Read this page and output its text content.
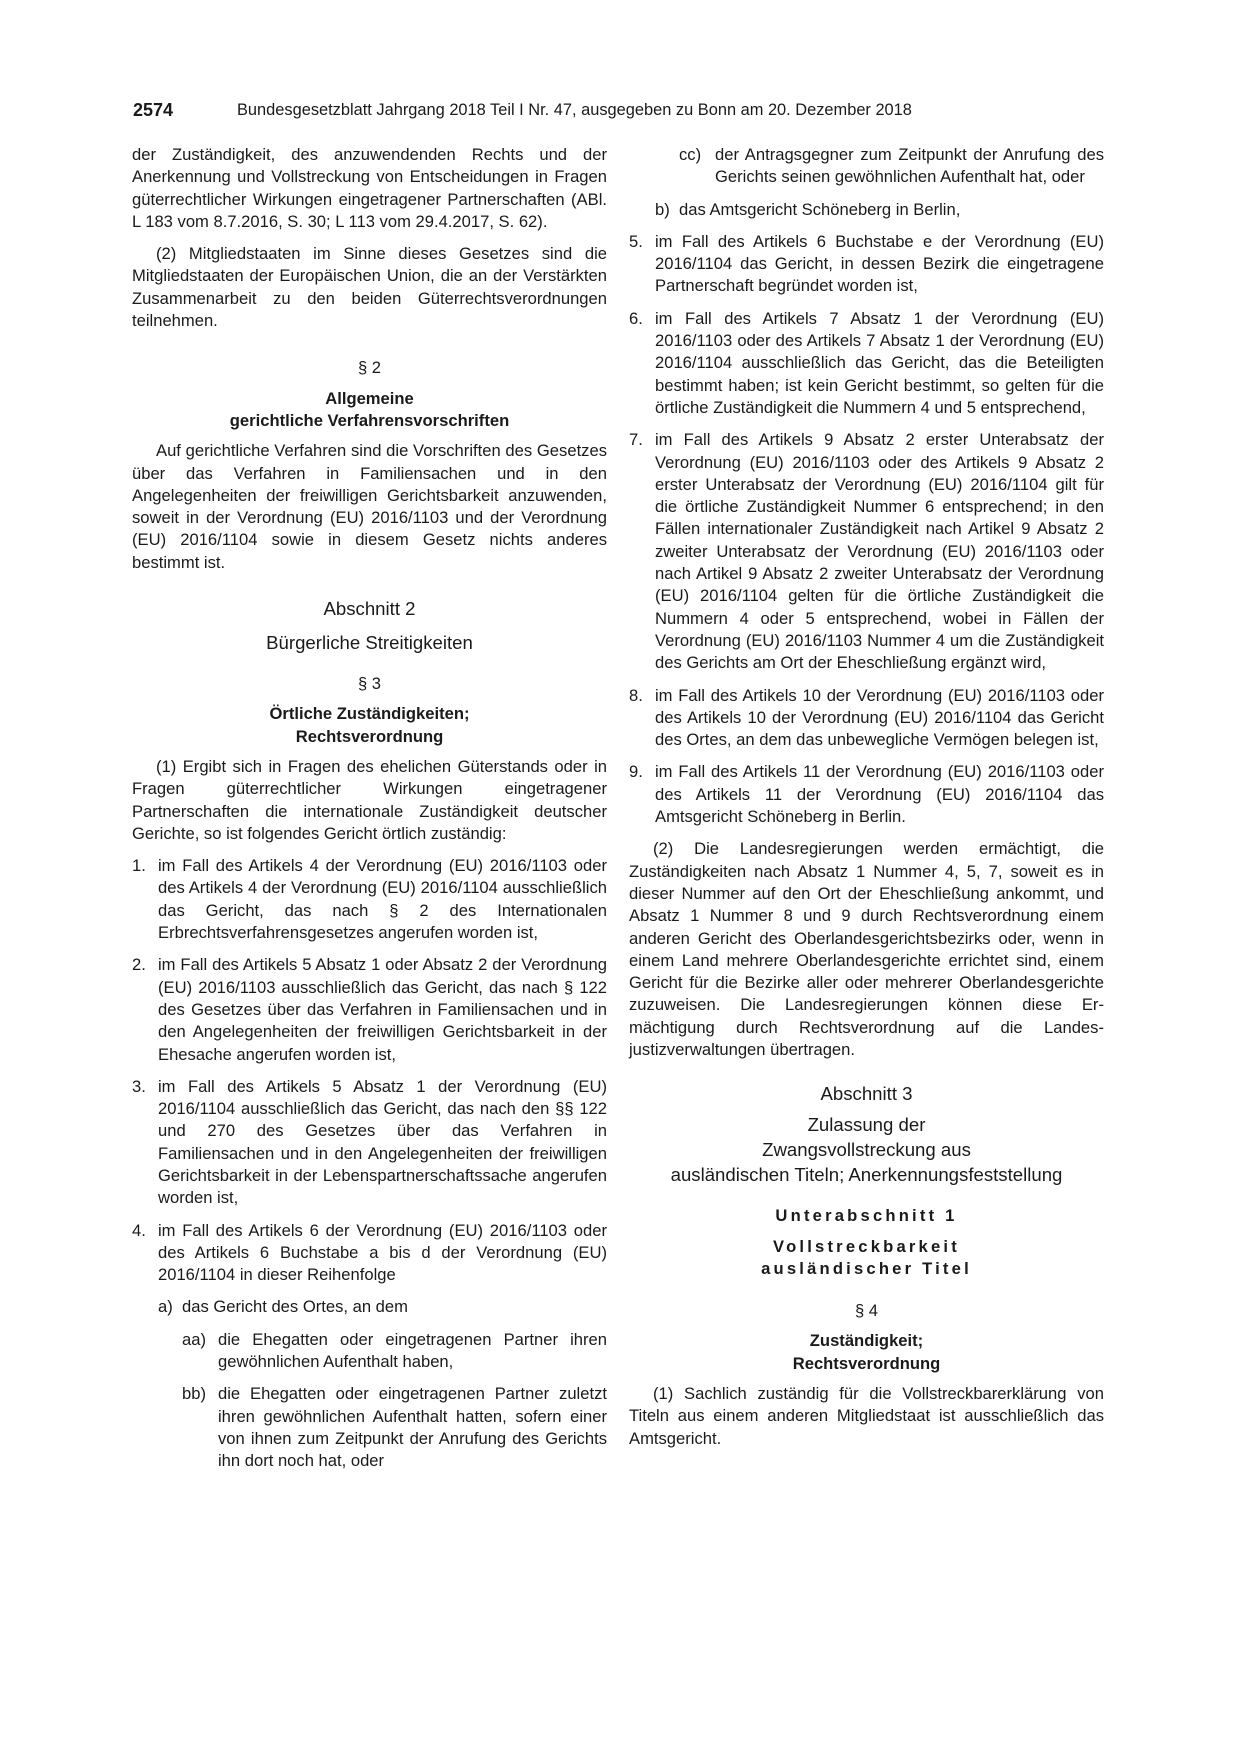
2574	Bundesgesetzblatt Jahrgang 2018 Teil I Nr. 47, ausgegeben zu Bonn am 20. Dezember 2018

der Zuständigkeit, des anzuwendenden Rechts und der Anerkennung und Vollstreckung von Entscheidungen in Fragen güterrechtlicher Wirkungen eingetragener Partnerschaften (ABl. L 183 vom 8.7.2016, S. 30; L 113 vom 29.4.2017, S. 62).

(2) Mitgliedstaaten im Sinne dieses Gesetzes sind die Mitgliedstaaten der Europäischen Union, die an der Verstärkten Zusammenarbeit zu den beiden Güterrechtsverordnungen teilnehmen.

§ 2
Allgemeine
gerichtliche Verfahrensvorschriften

Auf gerichtliche Verfahren sind die Vorschriften des Gesetzes über das Verfahren in Familiensachen und in den Angelegenheiten der freiwilligen Gerichtsbarkeit anzuwenden, soweit in der Verordnung (EU) 2016/1103 und der Verordnung (EU) 2016/1104 sowie in diesem Gesetz nichts anderes bestimmt ist.

Abschnitt 2
Bürgerliche Streitigkeiten
§ 3
Örtliche Zuständigkeiten;
Rechtsverordnung

(1) Ergibt sich in Fragen des ehelichen Güterstands oder in Fragen güterrechtlicher Wirkungen eingetragener Partnerschaften die internationale Zuständigkeit deutscher Gerichte, so ist folgendes Gericht örtlich zuständig:

1. im Fall des Artikels 4 der Verordnung (EU) 2016/1103 oder des Artikels 4 der Verordnung (EU) 2016/1104 ausschließlich das Gericht, das nach § 2 des Internationalen Erbrechtsverfahrensgesetzes angerufen worden ist,
2. im Fall des Artikels 5 Absatz 1 oder Absatz 2 der Verordnung (EU) 2016/1103 ausschließlich das Gericht, das nach § 122 des Gesetzes über das Verfahren in Familiensachen und in den Angelegenheiten der freiwilligen Gerichtsbarkeit in der Ehesache angerufen worden ist,
3. im Fall des Artikels 5 Absatz 1 der Verordnung (EU) 2016/1104 ausschließlich das Gericht, das nach den §§ 122 und 270 des Gesetzes über das Verfahren in Familiensachen und in den Angelegenheiten der freiwilligen Gerichtsbarkeit in der Lebenspartnerschaftssache angerufen worden ist,
4. im Fall des Artikels 6 der Verordnung (EU) 2016/1103 oder des Artikels 6 Buchstabe a bis d der Verordnung (EU) 2016/1104 in dieser Reihenfolge
a) das Gericht des Ortes, an dem
aa) die Ehegatten oder eingetragenen Partner ihren gewöhnlichen Aufenthalt haben,
bb) die Ehegatten oder eingetragenen Partner zuletzt ihren gewöhnlichen Aufenthalt hatten, sofern einer von ihnen zum Zeitpunkt der Anrufung des Gerichts ihn dort noch hat, oder
cc) der Antragsgegner zum Zeitpunkt der Anrufung des Gerichts seinen gewöhnlichen Aufenthalt hat, oder
b) das Amtsgericht Schöneberg in Berlin,
5. im Fall des Artikels 6 Buchstabe e der Verordnung (EU) 2016/1104 das Gericht, in dessen Bezirk die eingetragene Partnerschaft begründet worden ist,
6. im Fall des Artikels 7 Absatz 1 der Verordnung (EU) 2016/1103 oder des Artikels 7 Absatz 1 der Verordnung (EU) 2016/1104 ausschließlich das Gericht, das die Beteiligten bestimmt haben; ist kein Gericht bestimmt, so gelten für die örtliche Zuständigkeit die Nummern 4 und 5 entsprechend,
7. im Fall des Artikels 9 Absatz 2 erster Unterabsatz der Verordnung (EU) 2016/1103 oder des Artikels 9 Absatz 2 erster Unterabsatz der Verordnung (EU) 2016/1104 gilt für die örtliche Zuständigkeit Nummer 6 entsprechend; in den Fällen internationaler Zuständigkeit nach Artikel 9 Absatz 2 zweiter Unterabsatz der Verordnung (EU) 2016/1103 oder nach Artikel 9 Absatz 2 zweiter Unterabsatz der Verordnung (EU) 2016/1104 gelten für die örtliche Zuständigkeit die Nummern 4 oder 5 entsprechend, wobei in Fällen der Verordnung (EU) 2016/1103 Nummer 4 um die Zuständigkeit des Gerichts am Ort der Eheschließung ergänzt wird,
8. im Fall des Artikels 10 der Verordnung (EU) 2016/1103 oder des Artikels 10 der Verordnung (EU) 2016/1104 das Gericht des Ortes, an dem das unbewegliche Vermögen belegen ist,
9. im Fall des Artikels 11 der Verordnung (EU) 2016/1103 oder des Artikels 11 der Verordnung (EU) 2016/1104 das Amtsgericht Schöneberg in Berlin.

(2) Die Landesregierungen werden ermächtigt, die Zuständigkeiten nach Absatz 1 Nummer 4, 5, 7, soweit es in dieser Nummer auf den Ort der Eheschließung ankommt, und Absatz 1 Nummer 8 und 9 durch Rechtsverordnung einem anderen Gericht des Oberlandesgerichtsbezirks oder, wenn in einem Land mehrere Oberlandesgerichte errichtet sind, einem Gericht für die Bezirke aller oder mehrerer Oberlandesgerichte zuzuweisen. Die Landesregierungen können diese Ermächtigung durch Rechtsverordnung auf die Landesjustizverwaltungen übertragen.

Abschnitt 3
Zulassung der
Zwangsvollstreckung aus
ausländischen Titeln; Anerkennungsfeststellung
Unterabschnitt 1
Vollstreckbarkeit
ausländischer Titel
§ 4
Zuständigkeit;
Rechtsverordnung

(1) Sachlich zuständig für die Vollstreckbarerklärung von Titeln aus einem anderen Mitgliedstaat ist ausschließlich das Amtsgericht.
